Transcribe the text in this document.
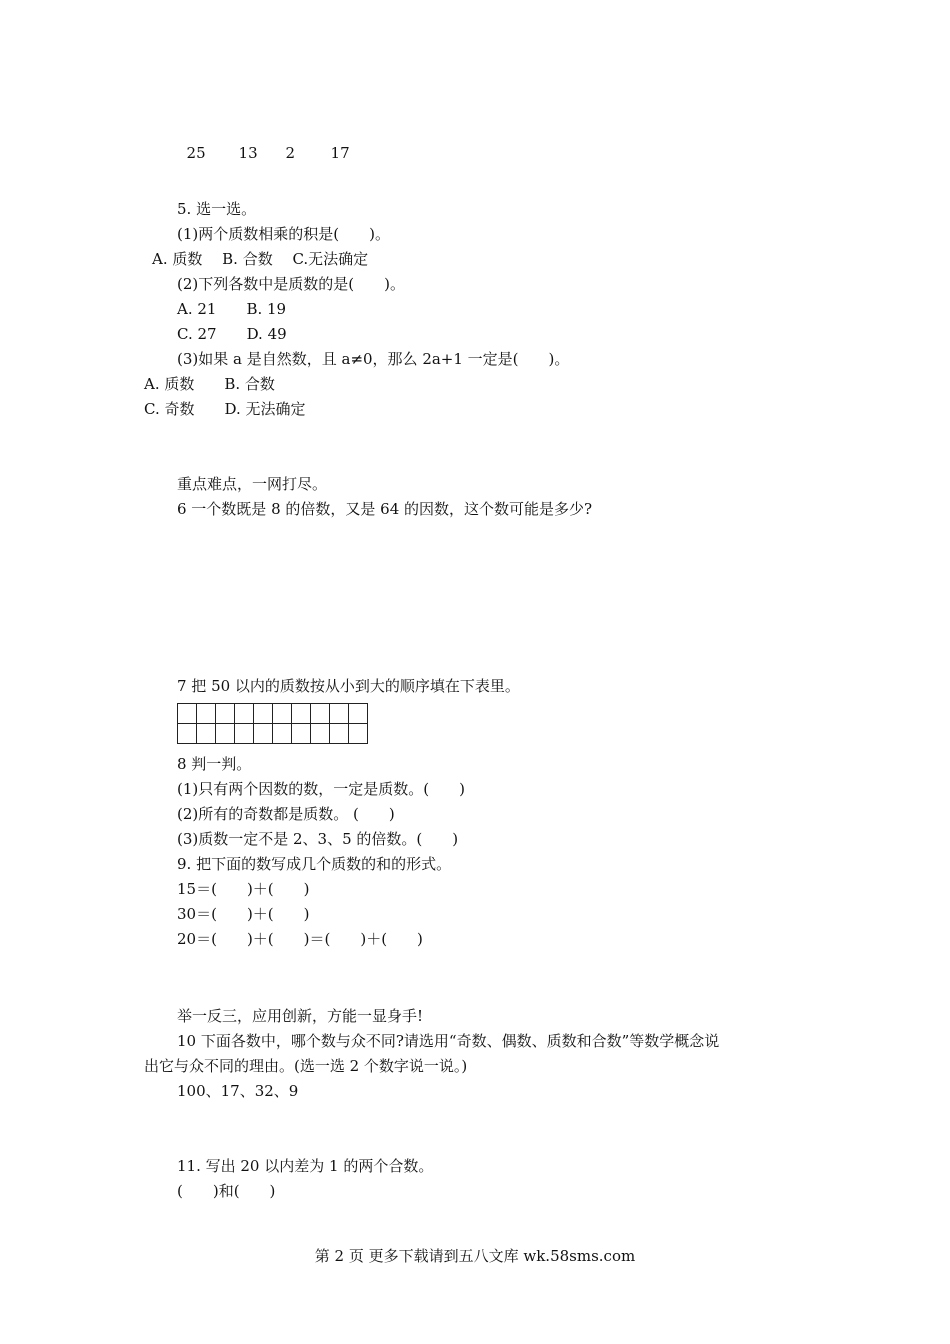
25 13 2 17

5. 选一选。
(1)两个质数相乘的积是(　　)。
A. 质数　 B. 合数　 C.无法确定
(2)下列各数中是质数的是(　　)。
A. 21　　B. 19
C. 27　　D. 49
(3)如果 a 是自然数，且 a≠0，那么 2a+1 一定是(　　)。
A. 质数　　B. 合数
C. 奇数　　D. 无法确定
重点难点，一网打尽。
6 一个数既是 8 的倍数，又是 64 的因数，这个数可能是多少?
7 把 50 以内的质数按从小到大的顺序填在下表里。

8 判一判。
(1)只有两个因数的数，一定是质数。(　　)
(2)所有的奇数都是质数。 (　　)
(3)质数一定不是 2、3、5 的倍数。(　　)
9. 把下面的数写成几个质数的和的形式。
15＝(　　)＋(　　)
30＝(　　)＋(　　)
20＝(　　)＋(　　)＝(　　)＋(　　)
举一反三，应用创新，方能一显身手!
10 下面各数中，哪个数与众不同?请选用“奇数、偶数、质数和合数”等数学概念说
出它与众不同的理由。(选一选 2 个数字说一说。)
100、17、32、9
11. 写出 20 以内差为 1 的两个合数。
(　　)和(　　)
第 2 页 更多下载请到五八文库 wk.58sms.com
